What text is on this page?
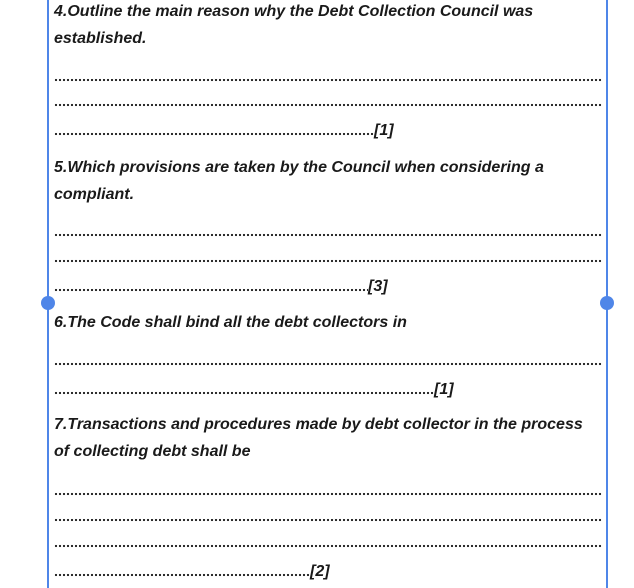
4.Outline the main reason why the Debt Collection Council was established.
[1]
5.Which provisions are taken by the Council when considering a compliant.
[3]
6.The Code shall bind all the debt collectors in
[1]
7.Transactions and procedures made by debt collector in the process of collecting debt shall be
[2]
